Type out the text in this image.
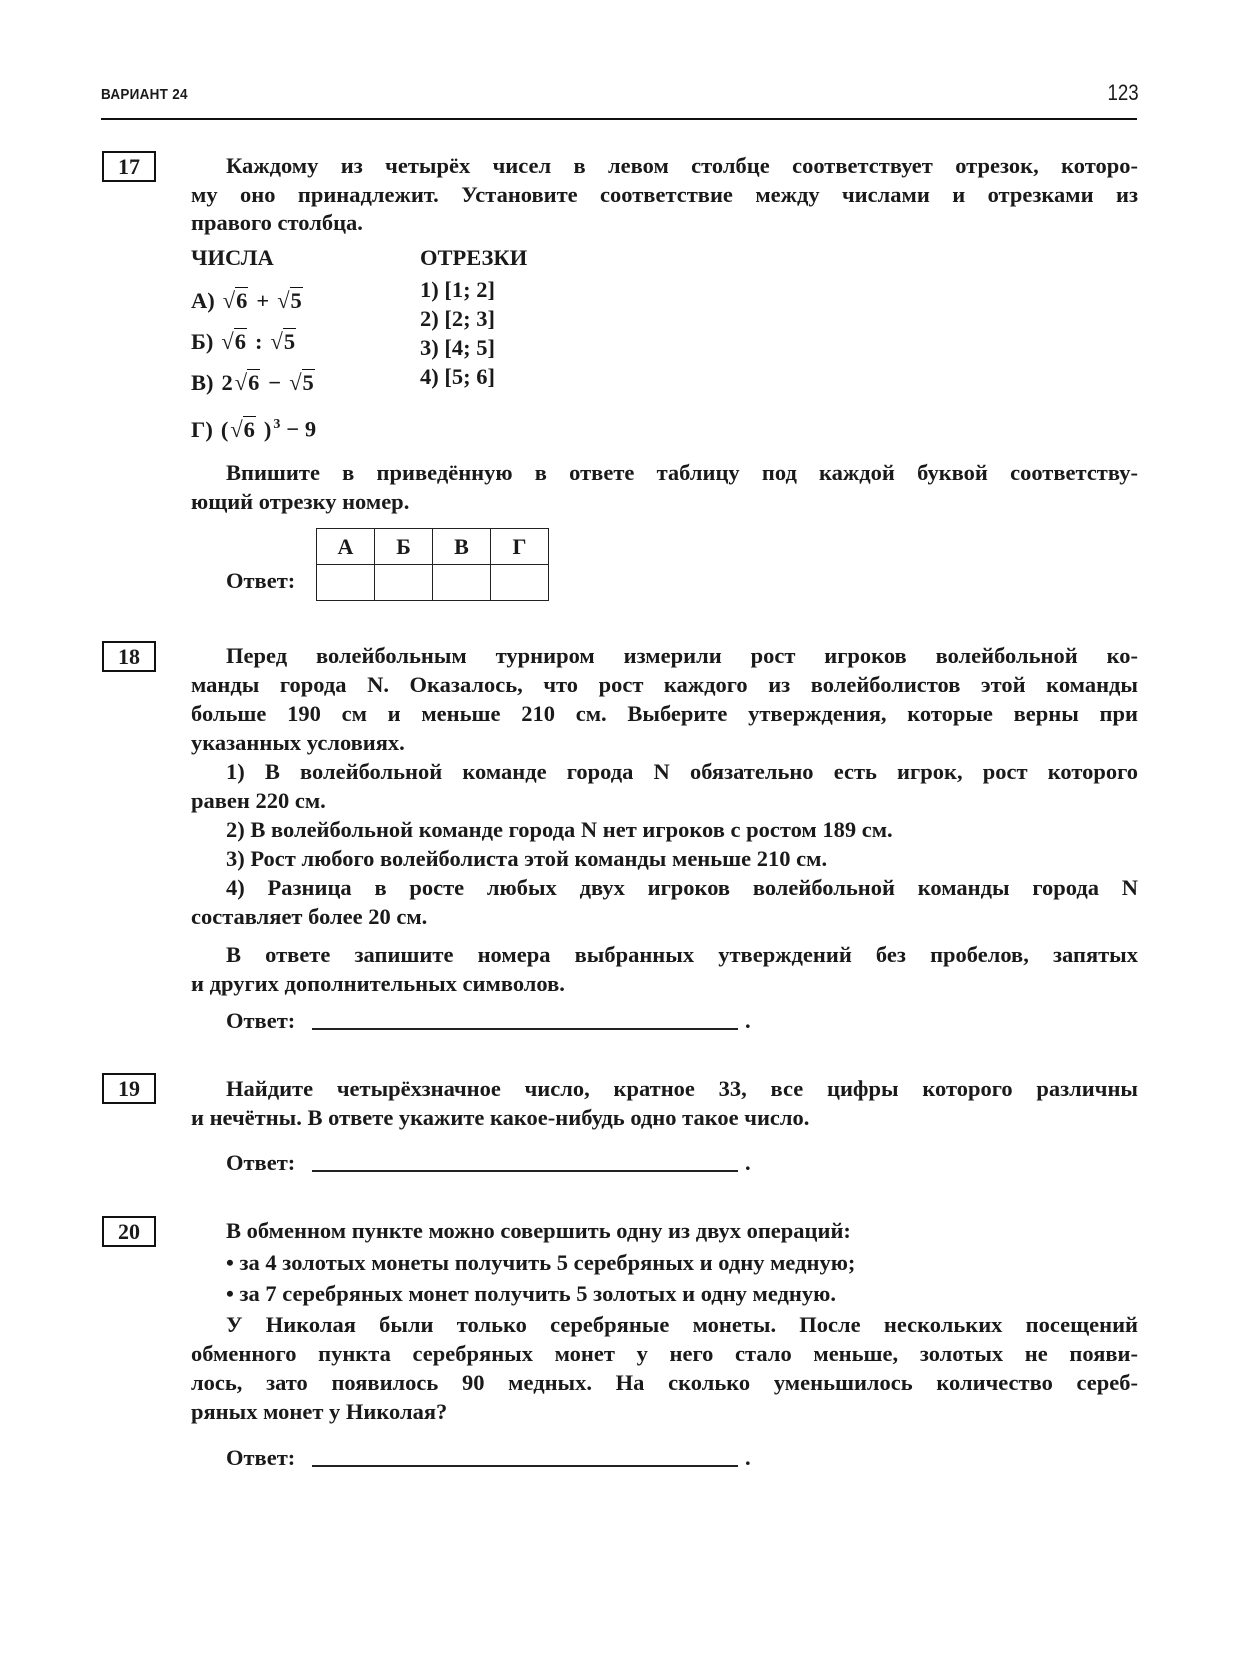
ВАРИАНТ 24	123
17	Каждому из четырёх чисел в левом столбце соответствует отрезок, которо-
му оно принадлежит. Установите соответствие между числами и отрезками из
правого столбца.
ЧИСЛА	ОТРЕЗКИ
А) √6 + √5
Б) √6 : √5
В) 2√6 − √5
Г) (√6 ) $^3$ − 9
1) [1; 2]
2) [2; 3]
3) [4; 5]
4) [5; 6]
Впишите в приведённую в ответе таблицу под каждой буквой соответству-
ющий отрезку номер.
Ответ:
А	Б	В	Г

18	Перед волейбольным турниром измерили рост игроков волейбольной ко-
манды города N. Оказалось, что рост каждого из волейболистов этой команды
больше 190 см и меньше 210 см. Выберите утверждения, которые верны при
указанных условиях.
1) В волейбольной команде города N обязательно есть игрок, рост которого
равен 220 см.
2) В волейбольной команде города N нет игроков с ростом 189 см.
3) Рост любого волейболиста этой команды меньше 210 см.
4) Разница в росте любых двух игроков волейбольной команды города N
составляет более 20 см.
В ответе запишите номера выбранных утверждений без пробелов, запятых
и других дополнительных символов.
Ответ:	.
19	Найдите четырёхзначное число, кратное 33, все цифры которого различны
и нечётны. В ответе укажите какое-нибудь одно такое число.
Ответ:	.
20	В обменном пункте можно совершить одну из двух операций:
• за 4 золотых монеты получить 5 серебряных и одну медную;
• за 7 серебряных монет получить 5 золотых и одну медную.
У Николая были только серебряные монеты. После нескольких посещений
обменного пункта серебряных монет у него стало меньше, золотых не появи-
лось, зато появилось 90 медных. На сколько уменьшилось количество сереб-
ряных монет у Николая?
Ответ:	.
